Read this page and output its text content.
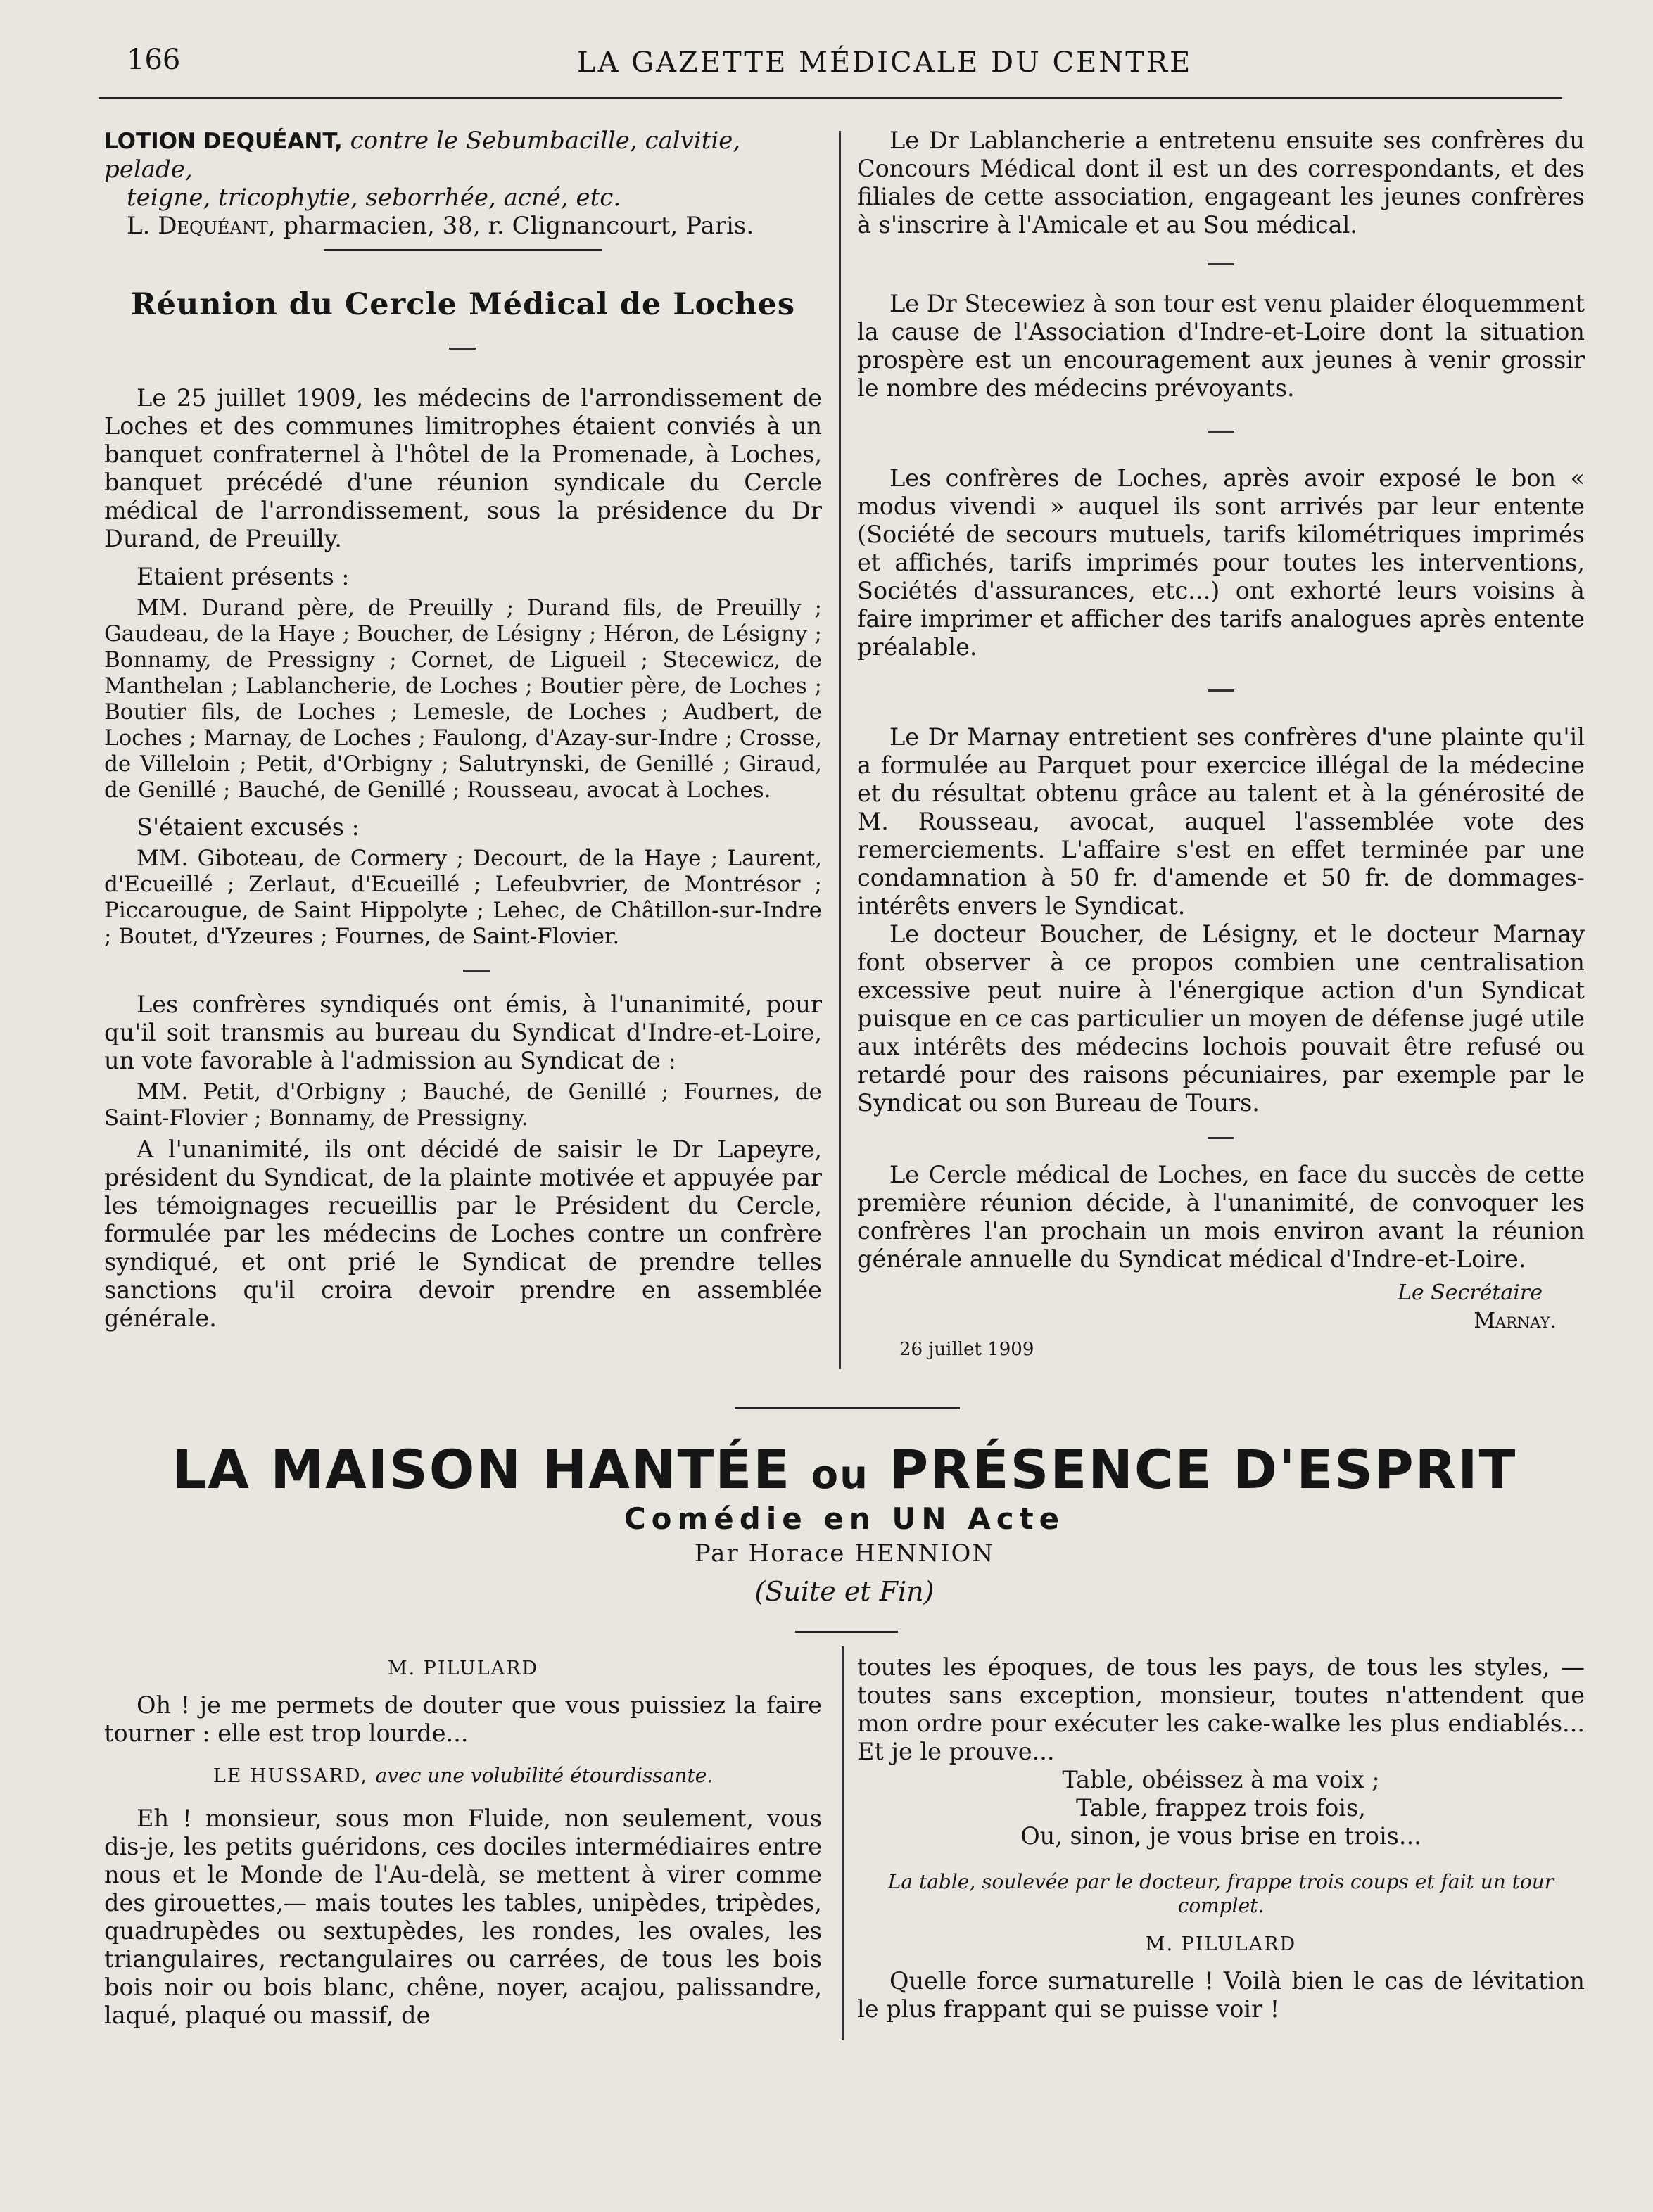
166	LA GAZETTE MÉDICALE DU CENTRE
LOTION DEQUÉANT, contre le Sebumbacille, calvitie, pelade,
teigne, tricophytie, seborrhée, acné, etc.
L. Dequéant, pharmacien, 38, r. Clignancourt, Paris.
Réunion du Cercle Médical de Loches

Le 25 juillet 1909, les médecins de l'arrondissement de Loches et des communes limitrophes étaient conviés à un banquet confraternel à l'hôtel de la Promenade, à Loches, banquet précédé d'une réunion syndicale du Cercle médical de l'arrondissement, sous la présidence du Dr Durand, de Preuilly.

Etaient présents :

MM. Durand père, de Preuilly ; Durand fils, de Preuilly ; Gaudeau, de la Haye ; Boucher, de Lésigny ; Héron, de Lésigny ; Bonnamy, de Pressigny ; Cornet, de Ligueil ; Stecewicz, de Manthelan ; Lablancherie, de Loches ; Boutier père, de Loches ; Boutier fils, de Loches ; Lemesle, de Loches ; Audbert, de Loches ; Marnay, de Loches ; Faulong, d'Azay-sur-Indre ; Crosse, de Villeloin ; Petit, d'Orbigny ; Salutrynski, de Genillé ; Giraud, de Genillé ; Bauché, de Genillé ; Rousseau, avocat à Loches.

S'étaient excusés :

MM. Giboteau, de Cormery ; Decourt, de la Haye ; Laurent, d'Ecueillé ; Zerlaut, d'Ecueillé ; Lefeubvrier, de Montrésor ; Piccarougue, de Saint Hippolyte ; Lehec, de Châtillon-sur-Indre ; Boutet, d'Yzeures ; Fournes, de Saint-Flovier.

Les confrères syndiqués ont émis, à l'unanimité, pour qu'il soit transmis au bureau du Syndicat d'Indre-et-Loire, un vote favorable à l'admission au Syndicat de :

MM. Petit, d'Orbigny ; Bauché, de Genillé ; Fournes, de Saint-Flovier ; Bonnamy, de Pressigny.

A l'unanimité, ils ont décidé de saisir le Dr Lapeyre, président du Syndicat, de la plainte motivée et appuyée par les témoignages recueillis par le Président du Cercle, formulée par les médecins de Loches contre un confrère syndiqué, et ont prié le Syndicat de prendre telles sanctions qu'il croira devoir prendre en assemblée générale.

Le Dr Lablancherie a entretenu ensuite ses confrères du Concours Médical dont il est un des correspondants, et des filiales de cette association, engageant les jeunes confrères à s'inscrire à l'Amicale et au Sou médical.

Le Dr Stecewiez à son tour est venu plaider éloquemment la cause de l'Association d'Indre-et-Loire dont la situation prospère est un encouragement aux jeunes à venir grossir le nombre des médecins prévoyants.

Les confrères de Loches, après avoir exposé le bon « modus vivendi » auquel ils sont arrivés par leur entente (Société de secours mutuels, tarifs kilométriques imprimés et affichés, tarifs imprimés pour toutes les interventions, Sociétés d'assurances, etc...) ont exhorté leurs voisins à faire imprimer et afficher des tarifs analogues après entente préalable.

Le Dr Marnay entretient ses confrères d'une plainte qu'il a formulée au Parquet pour exercice illégal de la médecine et du résultat obtenu grâce au talent et à la générosité de M. Rousseau, avocat, auquel l'assemblée vote des remerciements. L'affaire s'est en effet terminée par une condamnation à 50 fr. d'amende et 50 fr. de dommages-intérêts envers le Syndicat.

Le docteur Boucher, de Lésigny, et le docteur Marnay font observer à ce propos combien une centralisation excessive peut nuire à l'énergique action d'un Syndicat puisque en ce cas particulier un moyen de défense jugé utile aux intérêts des médecins lochois pouvait être refusé ou retardé pour des raisons pécuniaires, par exemple par le Syndicat ou son Bureau de Tours.

Le Cercle médical de Loches, en face du succès de cette première réunion décide, à l'unanimité, de convoquer les confrères l'an prochain un mois environ avant la réunion générale annuelle du Syndicat médical d'Indre-et-Loire.

Le Secrétaire

Marnay.

26 juillet 1909

LA MAISON HANTÉE ou PRÉSENCE D'ESPRIT
Comédie en UN Acte
Par Horace HENNION
(Suite et Fin)

M. PILULARD

Oh ! je me permets de douter que vous puissiez la faire tourner : elle est trop lourde...

LE HUSSARD, avec une volubilité étourdissante.

Eh ! monsieur, sous mon Fluide, non seulement, vous dis-je, les petits guéridons, ces dociles intermédiaires entre nous et le Monde de l'Au-delà, se mettent à virer comme des girouettes,— mais toutes les tables, unipèdes, tripèdes, quadrupèdes ou sextupèdes, les rondes, les ovales, les triangulaires, rectangulaires ou carrées, de tous les bois bois noir ou bois blanc, chêne, noyer, acajou, palissandre, laqué, plaqué ou massif, de

toutes les époques, de tous les pays, de tous les styles, — toutes sans exception, monsieur, toutes n'attendent que mon ordre pour exécuter les cake-walke les plus endiablés... Et je le prouve...

Table, obéissez à ma voix ;

Table, frappez trois fois,

Ou, sinon, je vous brise en trois...

La table, soulevée par le docteur, frappe trois coups et fait un tour complet.

M. PILULARD

Quelle force surnaturelle ! Voilà bien le cas de lévitation le plus frappant qui se puisse voir !
